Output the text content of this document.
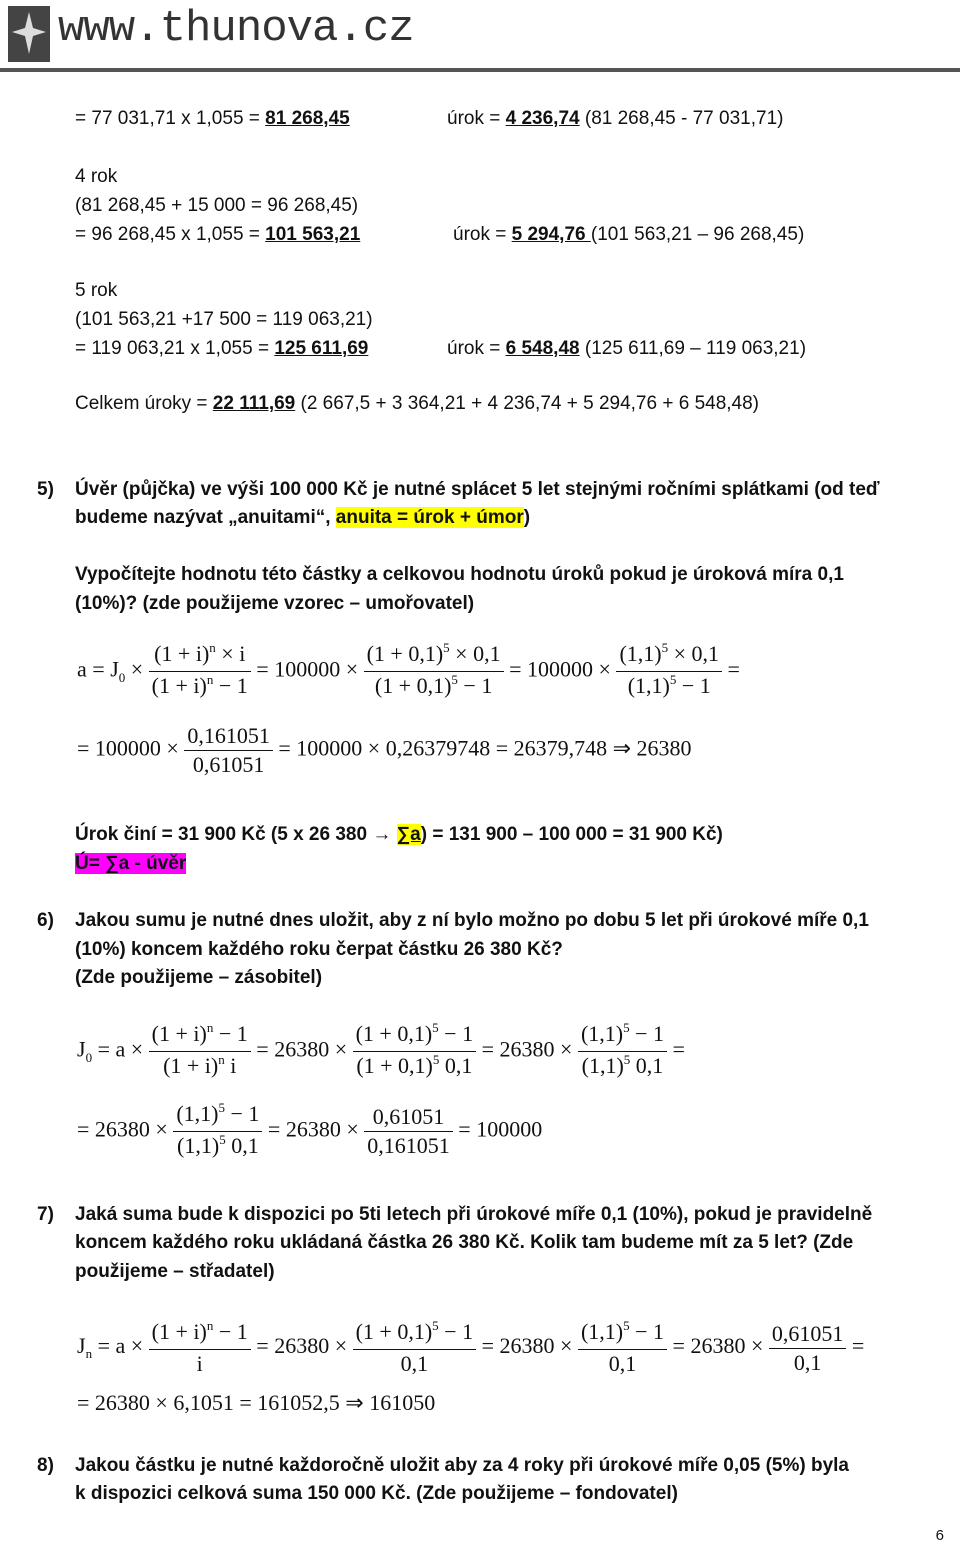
www.thunova.cz
= 77 031,71 x 1,055 = 81 268,45	úrok = 4 236,74 (81 268,45 - 77 031,71)
4 rok
(81 268,45 + 15 000 = 96 268,45)
= 96 268,45 x 1,055 = 101 563,21	úrok = 5 294,76 (101 563,21 – 96 268,45)
5 rok
(101 563,21 +17 500 = 119 063,21)
= 119 063,21 x 1,055 = 125 611,69	úrok = 6 548,48 (125 611,69 – 119 063,21)
Celkem úroky = 22 111,69 (2 667,5 + 3 364,21 + 4 236,74 + 5 294,76 + 6 548,48)
5) Úvěr (půjčka) ve výši 100 000 Kč je nutné splácet 5 let stejnými ročními splátkami (od teď
budeme nazývat „anuitami“, anuita = úrok + úmor)
Vypočítejte hodnotu této částky a celkovou hodnotu úroků pokud je úroková míra 0,1
(10%)? (zde použijeme vzorec – umořovatel)
$a = J_0 \times \frac{(1 + i)^n \times i}{(1 + i)^n - 1} = 100000 \times \frac{(1 + 0,1)^5 \times 0,1}{(1 + 0,1)^5 - 1} = 100000 \times \frac{(1,1)^5 \times 0,1}{(1,1)^5 - 1}$ =
= $100000 \times \frac{0,161051}{0,61051} = 100000 \times 0,26379748 = 26379,748$ ⇒ 26380
Úrok činí = 31 900 Kč (5 x 26 380 → ∑a) = 131 900 – 100 000 = 31 900 Kč)
Ú= ∑a - úvěr
6) Jakou sumu je nutné dnes uložit, aby z ní bylo možno po dobu 5 let při úrokové míře 0,1
(10%) koncem každého roku čerpat částku 26 380 Kč?
(Zde použijeme – zásobitel)
$J_0 = a \times \frac{(1 + i)^n - 1}{(1 + i)^n i} = 26380 \times \frac{(1 + 0,1)^5 - 1}{(1 + 0,1)^5 0,1} = 26380 \times \frac{(1,1)^5 - 1}{(1,1)^5 0,1}$ =
= $26380 \times \frac{(1,1)^5 - 1}{(1,1)^5 0,1} = 26380 \times \frac{0,61051}{0,161051} = 100000$
7) Jaká suma bude k dispozici po 5ti letech při úrokové míře 0,1 (10%), pokud je pravidelně
koncem každého roku ukládaná částka 26 380 Kč. Kolik tam budeme mít za 5 let? (Zde
použijeme – střadatel)
$J_n = a \times \frac{(1 + i)^n - 1}{i} = 26380 \times \frac{(1 + 0,1)^5 - 1}{0,1} = 26380 \times \frac{(1,1)^5 - 1}{0,1} = 26380 \times \frac{0,61051}{0,1}$ =
= 26380 × 6,1051 = 161052,5 ⇒ 161050
8) Jakou částku je nutné každoročně uložit aby za 4 roky při úrokové míře 0,05 (5%) byla
k dispozici celková suma 150 000 Kč. (Zde použijeme – fondovatel)
6
